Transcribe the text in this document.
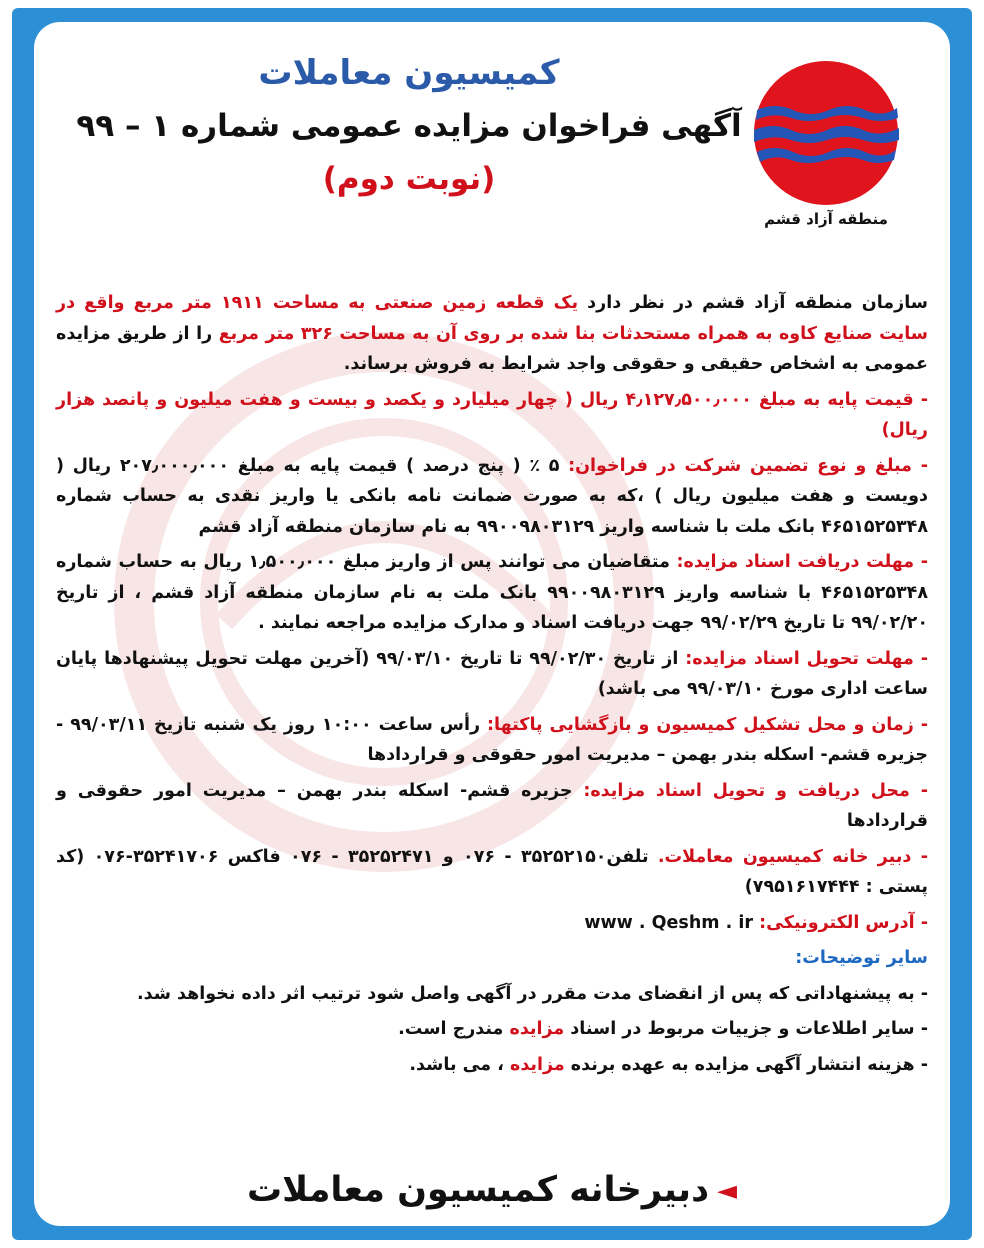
منطقه آزاد قشم
کمیسیون معاملات
آگهی فراخوان مزایده عمومی شماره ۱ – ۹۹
(نوبت دوم)

سازمان منطقه آزاد قشم در نظر دارد یک قطعه زمین صنعتی به مساحت ۱۹۱۱ متر مربع واقع در سایت صنایع کاوه به همراه مستحدثات بنا شده بر روی آن به مساحت ۳۲۶ متر مربع را از طریق مزایده عمومی به اشخاص حقیقی و حقوقی واجد شرایط به فروش برساند.

- قیمت پایه به مبلغ ۴٫۱۲۷٫۵۰۰٫۰۰۰ ریال ( چهار میلیارد و یکصد و بیست و هفت میلیون و پانصد هزار ریال)

- مبلغ و نوع تضمین شرکت در فراخوان: ۵ ٪ ( پنج درصد ) قیمت پایه به مبلغ ۲۰۷٫۰۰۰٫۰۰۰ ریال ( دویست و هفت میلیون ریال ) ،که به صورت ضمانت نامه بانکی یا واریز نقدی به حساب شماره ۴۶۵۱۵۲۵۳۴۸ بانک ملت با شناسه واریز ۹۹۰۰۹۸۰۳۱۲۹ به نام سازمان منطقه آزاد قشم

- مهلت دریافت اسناد مزایده: متقاضیان می توانند پس از واریز مبلغ ۱٫۵۰۰٫۰۰۰ ریال به حساب شماره ۴۶۵۱۵۲۵۳۴۸ با شناسه واریز ۹۹۰۰۹۸۰۳۱۲۹ بانک ملت به نام سازمان منطقه آزاد قشم ، از تاریخ ۹۹/۰۲/۲۰ تا تاریخ ۹۹/۰۲/۲۹ جهت دریافت اسناد و مدارک مزایده مراجعه نمایند .

- مهلت تحویل اسناد مزایده: از تاریخ ۹۹/۰۲/۳۰ تا تاریخ ۹۹/۰۳/۱۰ (آخرین مهلت تحویل پیشنهادها پایان ساعت اداری مورخ ۹۹/۰۳/۱۰ می باشد)

- زمان و محل تشکیل کمیسیون و بازگشایی پاکتها: رأس ساعت ۱۰:۰۰ روز یک شنبه تازیخ ۹۹/۰۳/۱۱ - جزیره قشم- اسکله بندر بهمن – مدیریت امور حقوقی و قراردادها

- محل دریافت و تحویل اسناد مزایده: جزیره قشم- اسکله بندر بهمن – مدیریت امور حقوقی و قراردادها

- دبیر خانه کمیسیون معاملات. تلفن۳۵۲۵۲۱۵۰ - ۰۷۶ و ۳۵۲۵۲۴۷۱ - ۰۷۶ فاکس ۳۵۲۴۱۷۰۶-۰۷۶ (کد پستی : ۷۹۵۱۶۱۷۴۴۴)

- آدرس الکترونیکی: www . Qeshm . ir

سایر توضیحات:

- به پیشنهاداتی که پس از انقضای مدت مقرر در آگهی واصل شود ترتیب اثر داده نخواهد شد.

- سایر اطلاعات و جزییات مربوط در اسناد مزایده مندرج است.

- هزینه انتشار آگهی مزایده به عهده برنده مزایده ، می باشد.

◄دبیرخانه کمیسیون معاملات
